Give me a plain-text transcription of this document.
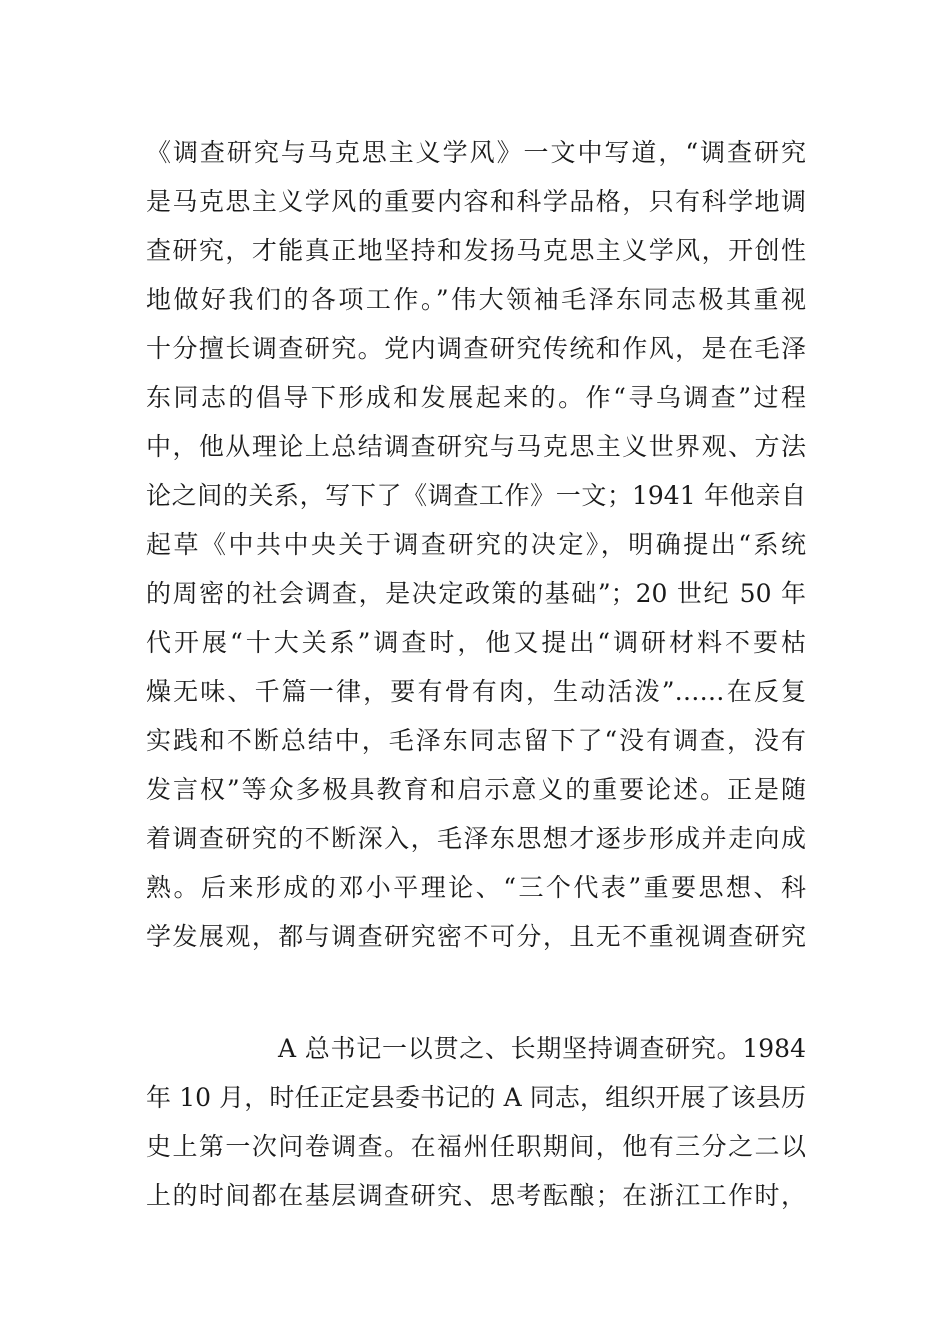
《调查研究与马克思主义学风》一文中写道，“调查研究
是马克思主义学风的重要内容和科学品格，只有科学地调
查研究，才能真正地坚持和发扬马克思主义学风，开创性
地做好我们的各项工作。”伟大领袖毛泽东同志极其重视
十分擅长调查研究。党内调查研究传统和作风，是在毛泽
东同志的倡导下形成和发展起来的。作“寻乌调查”过程
中，他从理论上总结调查研究与马克思主义世界观、方法
论之间的关系，写下了《调查工作》一文；1941 年他亲自
起草《中共中央关于调查研究的决定》，明确提出“系统
的周密的社会调查，是决定政策的基础”；20 世纪 50 年
代开展“十大关系”调查时，他又提出“调研材料不要枯
燥无味、千篇一律，要有骨有肉，生动活泼”……在反复
实践和不断总结中，毛泽东同志留下了“没有调查，没有
发言权”等众多极具教育和启示意义的重要论述。正是随
着调查研究的不断深入，毛泽东思想才逐步形成并走向成
熟。后来形成的邓小平理论、“三个代表”重要思想、科
学发展观，都与调查研究密不可分，且无不重视调查研究
A 总书记一以贯之、长期坚持调查研究。1984
年 10 月，时任正定县委书记的 A 同志，组织开展了该县历
史上第一次问卷调查。在福州任职期间，他有三分之二以
上的时间都在基层调查研究、思考酝酿；在浙江工作时，
